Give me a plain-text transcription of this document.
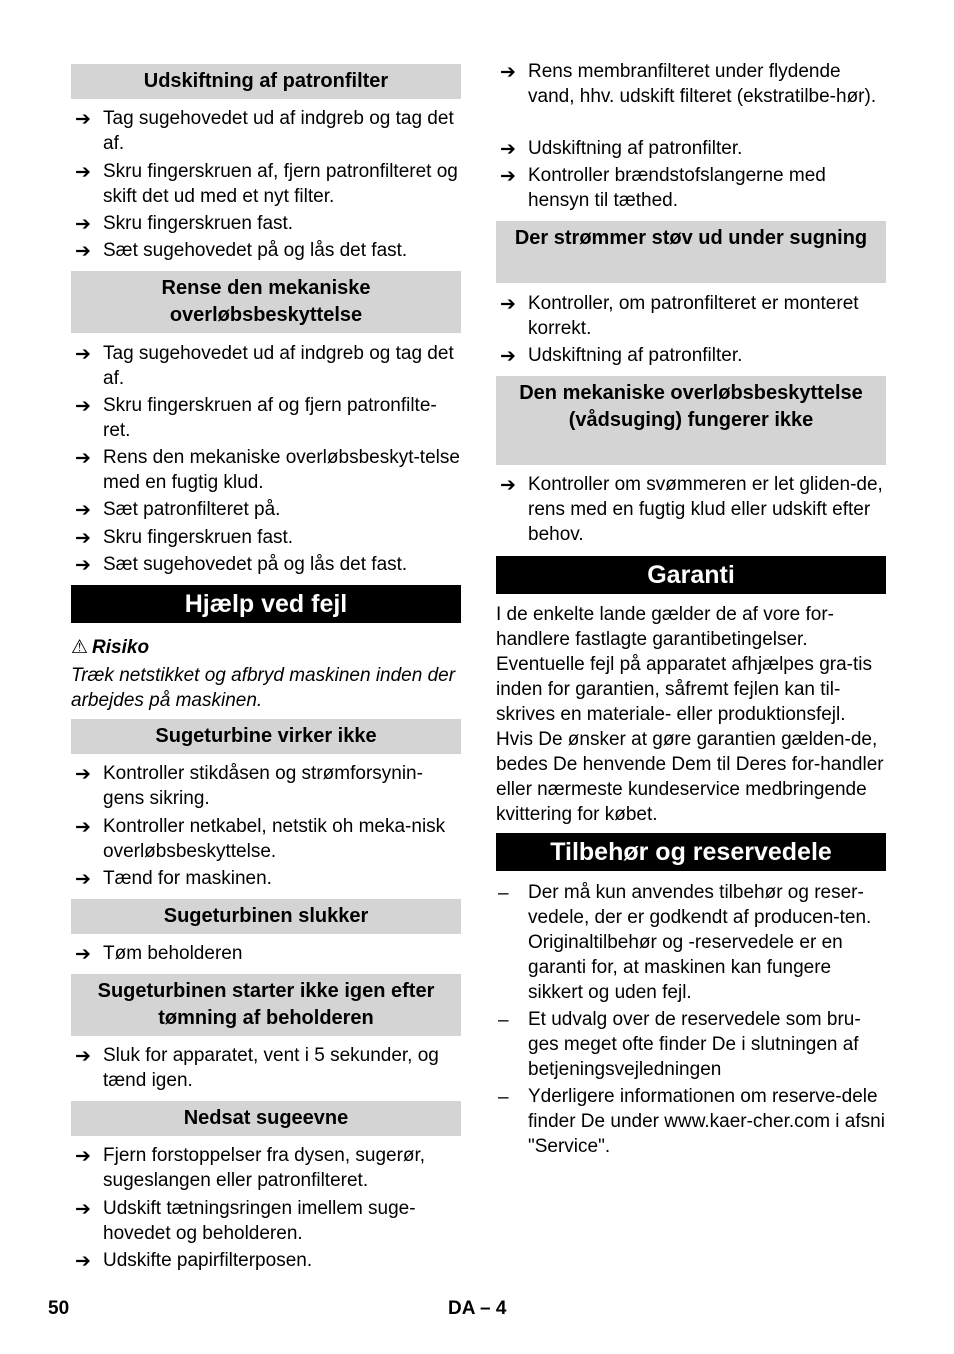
Udskiftning af patronfilter
➔ Tag sugehovedet ud af indgreb og tag det af.
➔ Skru fingerskruen af, fjern patronfilteret og skift det ud med et nyt filter.
➔ Skru fingerskruen fast.
➔ Sæt sugehovedet på og lås det fast.
Rense den mekaniske overløbsbeskyttelse
➔ Tag sugehovedet ud af indgreb og tag det af.
➔ Skru fingerskruen af og fjern patronfilte-ret.
➔ Rens den mekaniske overløbsbeskyt-telse med en fugtig klud.
➔ Sæt patronfilteret på.
➔ Skru fingerskruen fast.
➔ Sæt sugehovedet på og lås det fast.
Hjælp ved fejl
⚠ Risiko
Træk netstikket og afbryd maskinen inden der arbejdes på maskinen.
Sugeturbine virker ikke
➔ Kontroller stikdåsen og strømforsynin-gens sikring.
➔ Kontroller netkabel, netstik oh meka-nisk overløbsbeskyttelse.
➔ Tænd for maskinen.
Sugeturbinen slukker
➔ Tøm beholderen
Sugeturbinen starter ikke igen efter tømning af beholderen
➔ Sluk for apparatet, vent i 5 sekunder, og tænd igen.
Nedsat sugeevne
➔ Fjern forstoppelser fra dysen, sugerør, sugeslangen eller patronfilteret.
➔ Udskift tætningsringen imellem suge-hovedet og beholderen.
➔ Udskifte papirfilterposen.
➔ Rens membranfilteret under flydende vand, hhv. udskift filteret (ekstratilbe-hør).
➔ Udskiftning af patronfilter.
➔ Kontroller brændstofslangerne med hensyn til tæthed.
Der strømmer støv ud under sugning
➔ Kontroller, om patronfilteret er monteret korrekt.
➔ Udskiftning af patronfilter.
Den mekaniske overløbsbeskyttelse (vådsuging) fungerer ikke
➔ Kontroller om svømmeren er let gliden-de, rens med en fugtig klud eller udskift efter behov.
Garanti
I de enkelte lande gælder de af vore for-handlere fastlagte garantibetingelser. Eventuelle fejl på apparatet afhjælpes gra-tis inden for garantien, såfremt fejlen kan til-skrives en materiale- eller produktionsfejl. Hvis De ønsker at gøre garantien gælden-de, bedes De henvende Dem til Deres for-handler eller nærmeste kundeservice medbringende kvittering for købet.
Tilbehør og reservedele
– Der må kun anvendes tilbehør og reser-vedele, der er godkendt af producen-ten. Originaltilbehør og -reservedele er en garanti for, at maskinen kan fungere sikkert og uden fejl.
– Et udvalg over de reservedele som bru-ges meget ofte finder De i slutningen af betjeningsvejledningen
– Yderligere informationen om reserve-dele finder De under www.kaer-cher.com i afsni "Service".
50	DA – 4
